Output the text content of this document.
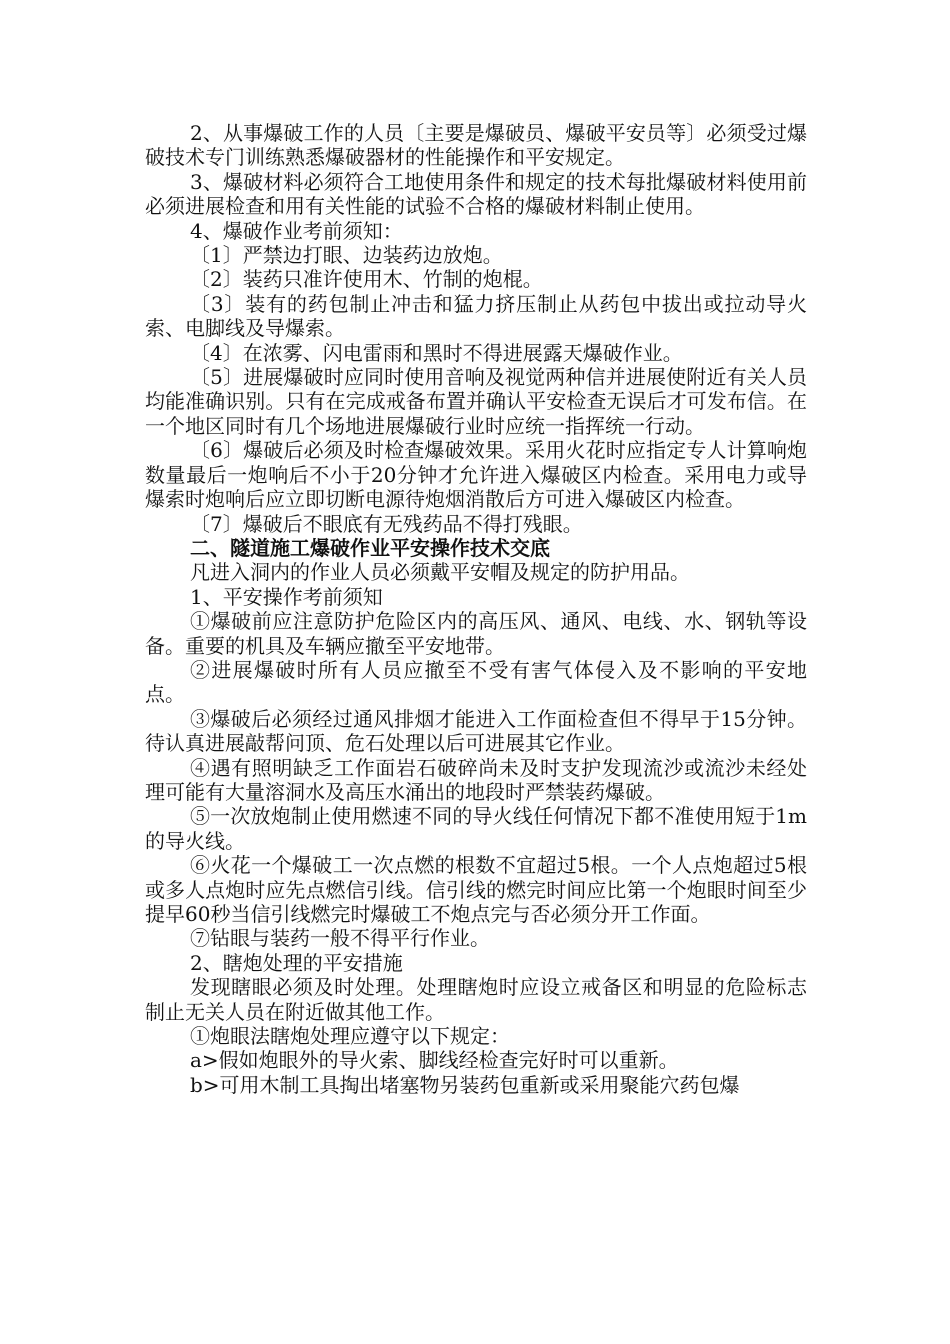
2、从事爆破工作的人员〔主要是爆破员、爆破平安员等〕必须受过爆破技术专门训练熟悉爆破器材的性能操作和平安规定。

3、爆破材料必须符合工地使用条件和规定的技术每批爆破材料使用前必须进展检查和用有关性能的试验不合格的爆破材料制止使用。

4、爆破作业考前须知：

〔1〕严禁边打眼、边装药边放炮。

〔2〕装药只准许使用木、竹制的炮棍。

〔3〕装有的药包制止冲击和猛力挤压制止从药包中拔出或拉动导火索、电脚线及导爆索。

〔4〕在浓雾、闪电雷雨和黑时不得进展露天爆破作业。

〔5〕进展爆破时应同时使用音响及视觉两种信并进展使附近有关人员均能准确识别。只有在完成戒备布置并确认平安检查无误后才可发布信。在一个地区同时有几个场地进展爆破行业时应统一指挥统一行动。

〔6〕爆破后必须及时检查爆破效果。采用火花时应指定专人计算响炮数量最后一炮响后不小于20分钟才允许进入爆破区内检查。采用电力或导爆索时炮响后应立即切断电源待炮烟消散后方可进入爆破区内检查。

〔7〕爆破后不眼底有无残药品不得打残眼。

二、隧道施工爆破作业平安操作技术交底

凡进入洞内的作业人员必须戴平安帽及规定的防护用品。

1、平安操作考前须知

①爆破前应注意防护危险区内的高压风、通风、电线、水、钢轨等设备。重要的机具及车辆应撤至平安地带。

②进展爆破时所有人员应撤至不受有害气体侵入及不影响的平安地点。

③爆破后必须经过通风排烟才能进入工作面检查但不得早于15分钟。待认真进展敲帮问顶、危石处理以后可进展其它作业。

④遇有照明缺乏工作面岩石破碎尚未及时支护发现流沙或流沙未经处理可能有大量溶洞水及高压水涌出的地段时严禁装药爆破。

⑤一次放炮制止使用燃速不同的导火线任何情况下都不准使用短于1m的导火线。

⑥火花一个爆破工一次点燃的根数不宜超过5根。一个人点炮超过5根或多人点炮时应先点燃信引线。信引线的燃完时间应比第一个炮眼时间至少提早60秒当信引线燃完时爆破工不炮点完与否必须分开工作面。

⑦钻眼与装药一般不得平行作业。

2、瞎炮处理的平安措施

发现瞎眼必须及时处理。处理瞎炮时应设立戒备区和明显的危险标志制止无关人员在附近做其他工作。

①炮眼法瞎炮处理应遵守以下规定：

a>假如炮眼外的导火索、脚线经检查完好时可以重新。

b>可用木制工具掏出堵塞物另装药包重新或采用聚能穴药包爆
